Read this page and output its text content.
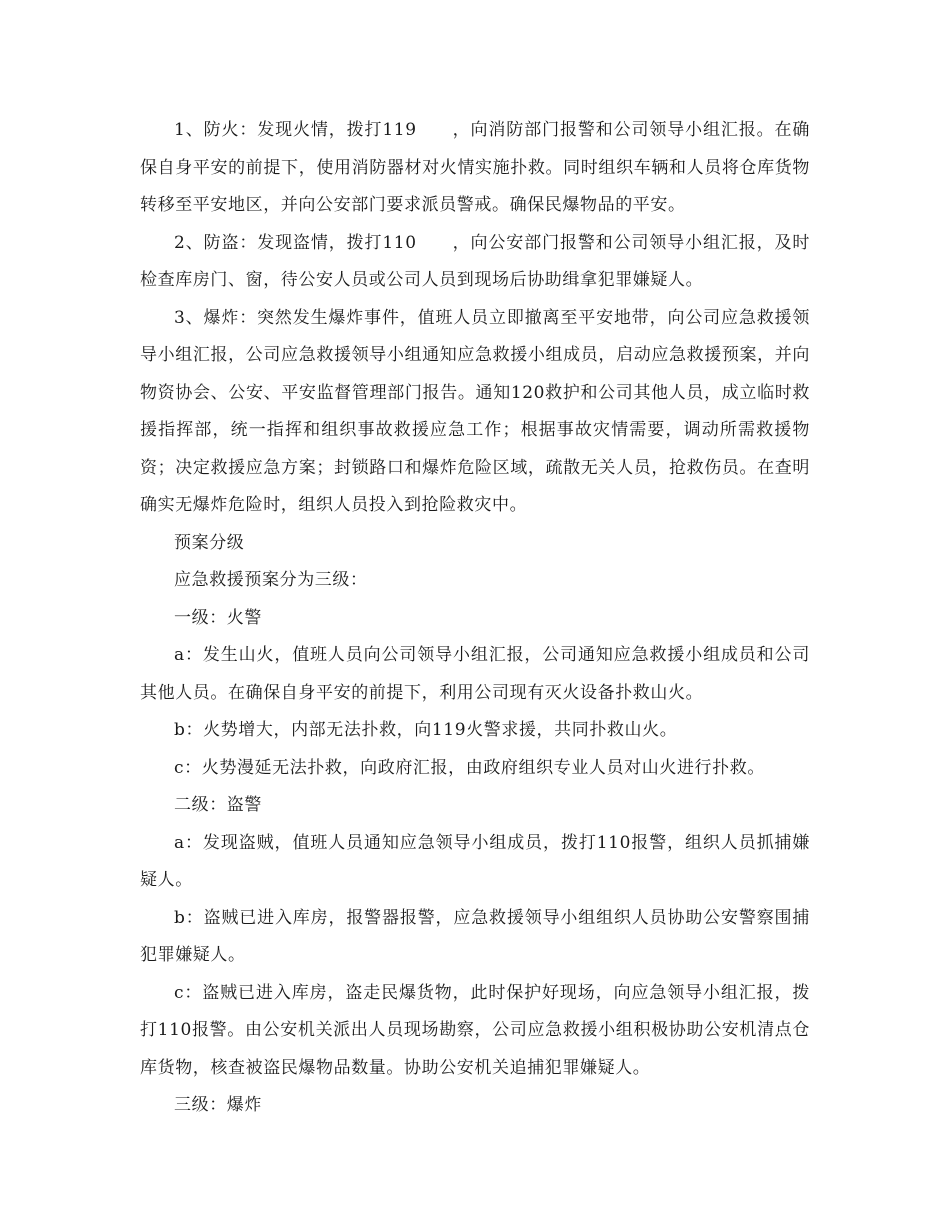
1、防火：发现火情，拨打119　　，向消防部门报警和公司领导小组汇报。在确保自身平安的前提下，使用消防器材对火情实施扑救。同时组织车辆和人员将仓库货物转移至平安地区，并向公安部门要求派员警戒。确保民爆物品的平安。

2、防盗：发现盗情，拨打110　　，向公安部门报警和公司领导小组汇报，及时检查库房门、窗，待公安人员或公司人员到现场后协助缉拿犯罪嫌疑人。

3、爆炸：突然发生爆炸事件，值班人员立即撤离至平安地带，向公司应急救援领导小组汇报，公司应急救援领导小组通知应急救援小组成员，启动应急救援预案，并向物资协会、公安、平安监督管理部门报告。通知120救护和公司其他人员，成立临时救援指挥部，统一指挥和组织事故救援应急工作；根据事故灾情需要，调动所需救援物资；决定救援应急方案；封锁路口和爆炸危险区域，疏散无关人员，抢救伤员。在查明确实无爆炸危险时，组织人员投入到抢险救灾中。

预案分级

应急救援预案分为三级：

一级：火警

a：发生山火，值班人员向公司领导小组汇报，公司通知应急救援小组成员和公司其他人员。在确保自身平安的前提下，利用公司现有灭火设备扑救山火。

b：火势增大，内部无法扑救，向119火警求援，共同扑救山火。

c：火势漫延无法扑救，向政府汇报，由政府组织专业人员对山火进行扑救。

二级：盗警

a：发现盗贼，值班人员通知应急领导小组成员，拨打110报警，组织人员抓捕嫌疑人。

b：盗贼已进入库房，报警器报警，应急救援领导小组组织人员协助公安警察围捕犯罪嫌疑人。

c：盗贼已进入库房，盗走民爆货物，此时保护好现场，向应急领导小组汇报，拨打110报警。由公安机关派出人员现场勘察，公司应急救援小组积极协助公安机清点仓库货物，核查被盗民爆物品数量。协助公安机关追捕犯罪嫌疑人。

三级：爆炸
